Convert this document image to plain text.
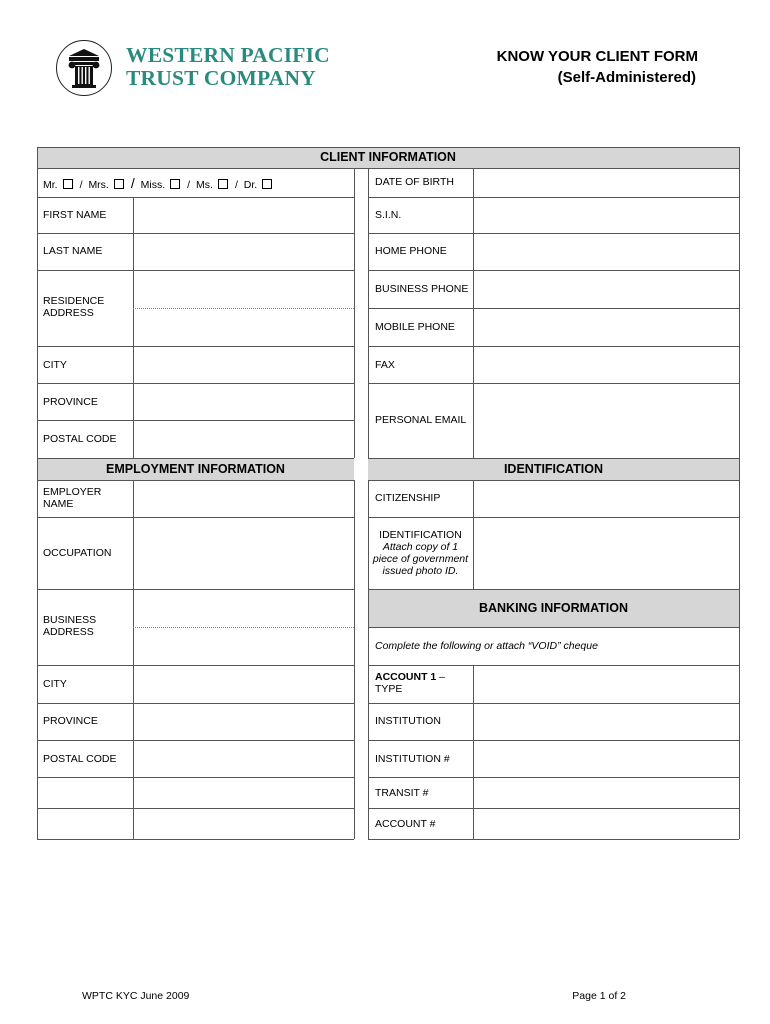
WESTERN PACIFIC
TRUST COMPANY
KNOW YOUR CLIENT FORM
(Self-Administered)
CLIENT INFORMATION
Mr. / Mrs. / Miss. / Ms. / Dr.
FIRST NAME
LAST NAME
RESIDENCE
ADDRESS
CITY
PROVINCE
POSTAL CODE
DATE OF BIRTH
S.I.N.
HOME PHONE
BUSINESS PHONE
MOBILE PHONE
FAX
PERSONAL EMAIL
EMPLOYMENT INFORMATION
EMPLOYER
NAME
OCCUPATION
BUSINESS
ADDRESS
CITY
PROVINCE
POSTAL CODE
IDENTIFICATION
CITIZENSHIP
IDENTIFICATION
Attach copy of 1
piece of government
issued photo ID.
BANKING INFORMATION
Complete the following or attach “VOID” cheque
ACCOUNT 1 –
TYPE
INSTITUTION
INSTITUTION #
TRANSIT #
ACCOUNT #
WPTC KYC June 2009	Page 1 of 2
